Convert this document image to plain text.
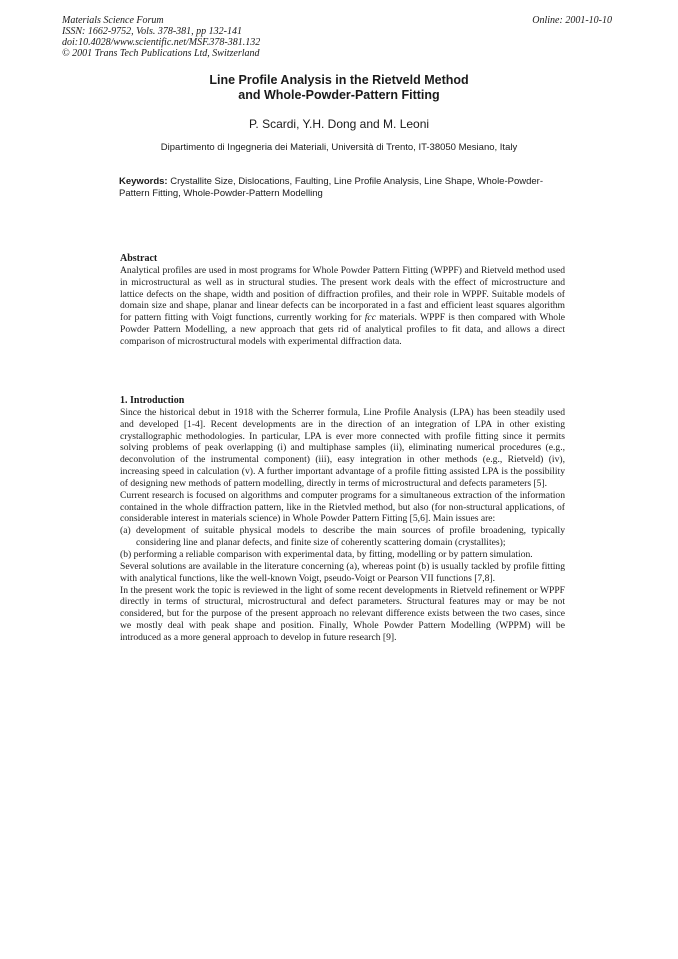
Materials Science Forum
ISSN: 1662-9752, Vols. 378-381, pp 132-141
doi:10.4028/www.scientific.net/MSF.378-381.132
© 2001 Trans Tech Publications Ltd, Switzerland
Online: 2001-10-10
Line Profile Analysis in the Rietveld Method
and Whole-Powder-Pattern Fitting
P. Scardi, Y.H. Dong and M. Leoni
Dipartimento di Ingegneria dei Materiali, Università di Trento, IT-38050 Mesiano, Italy
Keywords: Crystallite Size, Dislocations, Faulting, Line Profile Analysis, Line Shape, Whole-Powder-Pattern Fitting, Whole-Powder-Pattern Modelling
Abstract

Analytical profiles are used in most programs for Whole Powder Pattern Fitting (WPPF) and Rietveld method used in microstructural as well as in structural studies. The present work deals with the effect of microstructure and lattice defects on the shape, width and position of diffraction profiles, and their role in WPPF. Suitable models of domain size and shape, planar and linear defects can be incorporated in a fast and efficient least squares algorithm for pattern fitting with Voigt functions, currently working for fcc materials. WPPF is then compared with Whole Powder Pattern Modelling, a new approach that gets rid of analytical profiles to fit data, and allows a direct comparison of microstructural models with experimental diffraction data.

1. Introduction

Since the historical debut in 1918 with the Scherrer formula, Line Profile Analysis (LPA) has been steadily used and developed [1-4]. Recent developments are in the direction of an integration of LPA in other existing crystallographic methodologies. In particular, LPA is ever more connected with profile fitting since it permits solving problems of peak overlapping (i) and multiphase samples (ii), eliminating numerical procedures (e.g., deconvolution of the instrumental component) (iii), easy integration in other methods (e.g., Rietveld) (iv), increasing speed in calculation (v). A further important advantage of a profile fitting assisted LPA is the possibility of designing new methods of pattern modelling, directly in terms of microstructural and defects parameters [5].

Current research is focused on algorithms and computer programs for a simultaneous extraction of the information contained in the whole diffraction pattern, like in the Rietvled method, but also (for non-structural applications, of considerable interest in materials science) in Whole Powder Pattern Fitting [5,6]. Main issues are:

(a) development of suitable physical models to describe the main sources of profile broadening, typically considering line and planar defects, and finite size of coherently scattering domain (crystallites);

(b) performing a reliable comparison with experimental data, by fitting, modelling or by pattern simulation.

Several solutions are available in the literature concerning (a), whereas point (b) is usually tackled by profile fitting with analytical functions, like the well-known Voigt, pseudo-Voigt or Pearson VII functions [7,8].

In the present work the topic is reviewed in the light of some recent developments in Rietveld refinement or WPPF directly in terms of structural, microstructural and defect parameters. Structural features may or may be not considered, but for the purpose of the present approach no relevant difference exists between the two cases, since we mostly deal with peak shape and position. Finally, Whole Powder Pattern Modelling (WPPM) will be introduced as a more general approach to develop in future research [9].
